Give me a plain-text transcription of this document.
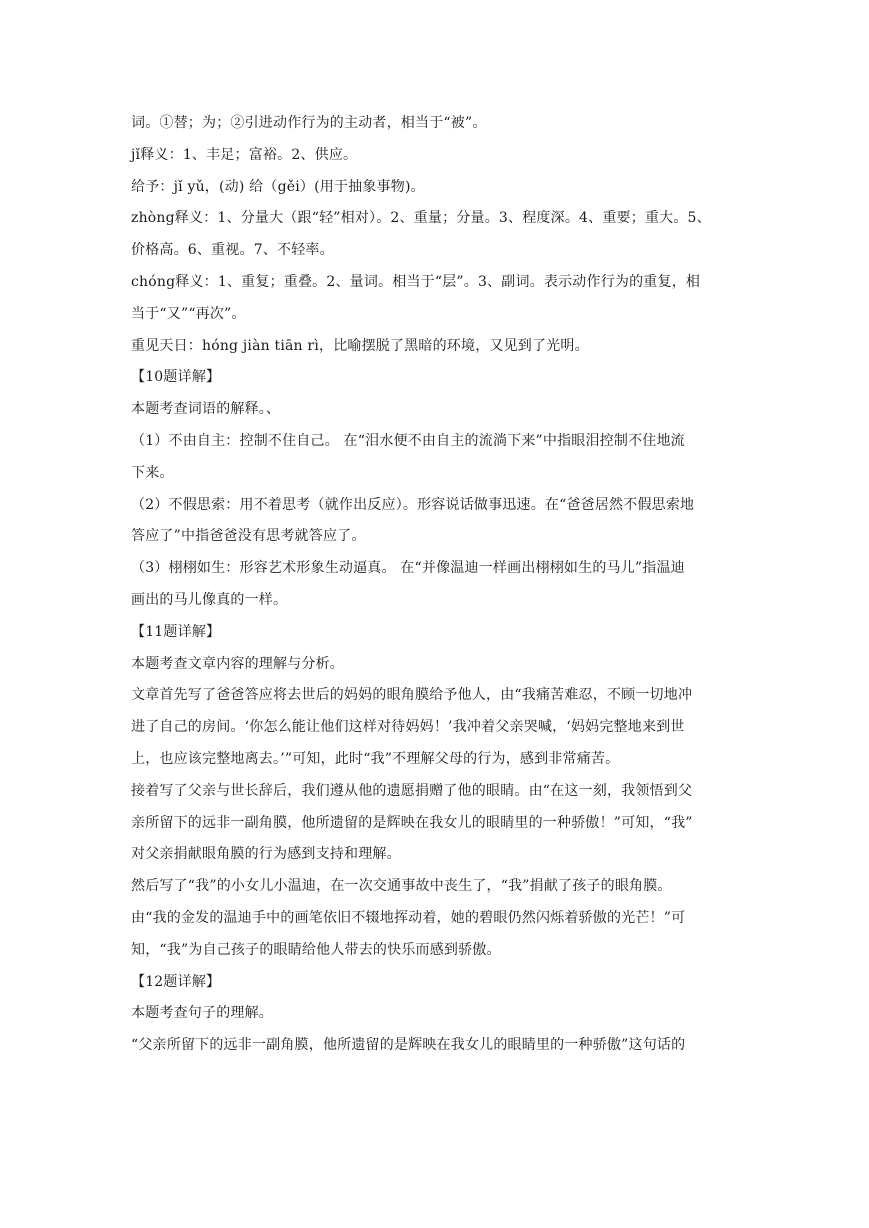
词。①替；为；②引进动作行为的主动者，相当于“被”。
jǐ释义：1、丰足；富裕。2、供应。
给予：jǐ yǔ，(动) 给（gěi）(用于抽象事物)。
zhòng释义：1、分量大（跟“轻”相对）。2、重量；分量。3、程度深。4、重要；重大。5、
价格高。6、重视。7、不轻率。
chóng释义：1、重复；重叠。2、量词。相当于“层”。3、副词。表示动作行为的重复，相
当于“又”“再次”。
重见天日：hóng jiàn tiān rì，比喻摆脱了黑暗的环境，又见到了光明。
【10题详解】
本题考查词语的解释。、
（1）不由自主：控制不住自己。 在“泪水便不由自主的流淌下来”中指眼泪控制不住地流
下来。
（2）不假思索：用不着思考（就作出反应）。形容说话做事迅速。在“爸爸居然不假思索地
答应了”中指爸爸没有思考就答应了。
（3）栩栩如生：形容艺术形象生动逼真。 在“并像温迪一样画出栩栩如生的马儿”指温迪
画出的马儿像真的一样。
【11题详解】
本题考查文章内容的理解与分析。
文章首先写了爸爸答应将去世后的妈妈的眼角膜给予他人，由“我痛苦难忍，不顾一切地冲
进了自己的房间。‘你怎么能让他们这样对待妈妈！’我冲着父亲哭喊，‘妈妈完整地来到世
上，也应该完整地离去。’”可知，此时“我”不理解父母的行为，感到非常痛苦。
接着写了父亲与世长辞后，我们遵从他的遗愿捐赠了他的眼睛。由“在这一刻，我领悟到父
亲所留下的远非一副角膜，他所遗留的是辉映在我女儿的眼睛里的一种骄傲！”可知，“我”
对父亲捐献眼角膜的行为感到支持和理解。
然后写了“我”的小女儿小温迪，在一次交通事故中丧生了，“我”捐献了孩子的眼角膜。
由“我的金发的温迪手中的画笔依旧不辍地挥动着，她的碧眼仍然闪烁着骄傲的光芒！”可
知，“我”为自己孩子的眼睛给他人带去的快乐而感到骄傲。
【12题详解】
本题考查句子的理解。
“父亲所留下的远非一副角膜，他所遗留的是辉映在我女儿的眼睛里的一种骄傲”这句话的
